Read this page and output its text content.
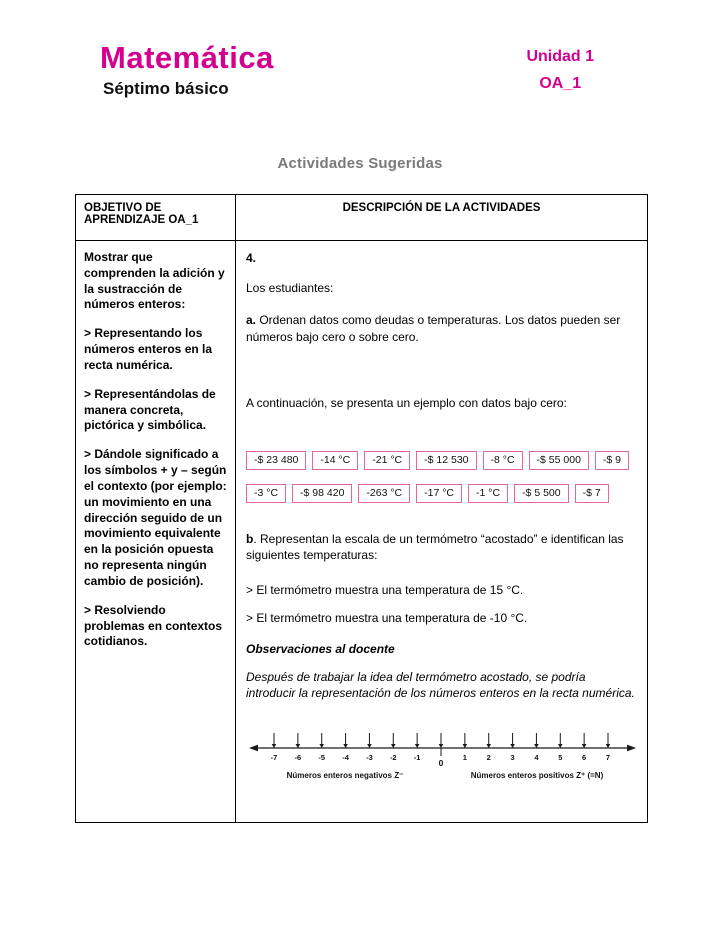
Matemática
Séptimo básico
Unidad 1
OA_1
Actividades Sugeridas
OBJETIVO DE APRENDIZAJE OA_1	DESCRIPCIÓN DE LA ACTIVIDADES

Mostrar que comprenden la adición y la sustracción de números enteros:

> Representando los números enteros en la recta numérica.

> Representándolas de manera concreta, pictórica y simbólica.

> Dándole significado a los símbolos + y – según el contexto (por ejemplo: un movimiento en una dirección seguido de un movimiento equivalente en la posición opuesta no representa ningún cambio de posición).

> Resolviendo problemas en contextos cotidianos.

4.

Los estudiantes:

a. Ordenan datos como deudas o temperaturas. Los datos pueden ser números bajo cero o sobre cero.

A continuación, se presenta un ejemplo con datos bajo cero:

-$ 23 480 -14 °C -21 °C -$ 12 530 -8 °C -$ 55 000 -$ 9
-3 °C -$ 98 420 -263 °C -17 °C -1 °C -$ 5 500 -$ 7

b. Representan la escala de un termómetro “acostado” e identifican las siguientes temperaturas:

> El termómetro muestra una temperatura de 15 °C.

> El termómetro muestra una temperatura de -10 °C.

Observaciones al docente

Después de trabajar la idea del termómetro acostado, se podría introducir la representación de los números enteros en la recta numérica.

-7 -6 -5 -4 -3 -2 -1
0
1	2	3	4	5	6	7
Números enteros negativos Z⁻	Números enteros positivos Z⁺ (=N)
